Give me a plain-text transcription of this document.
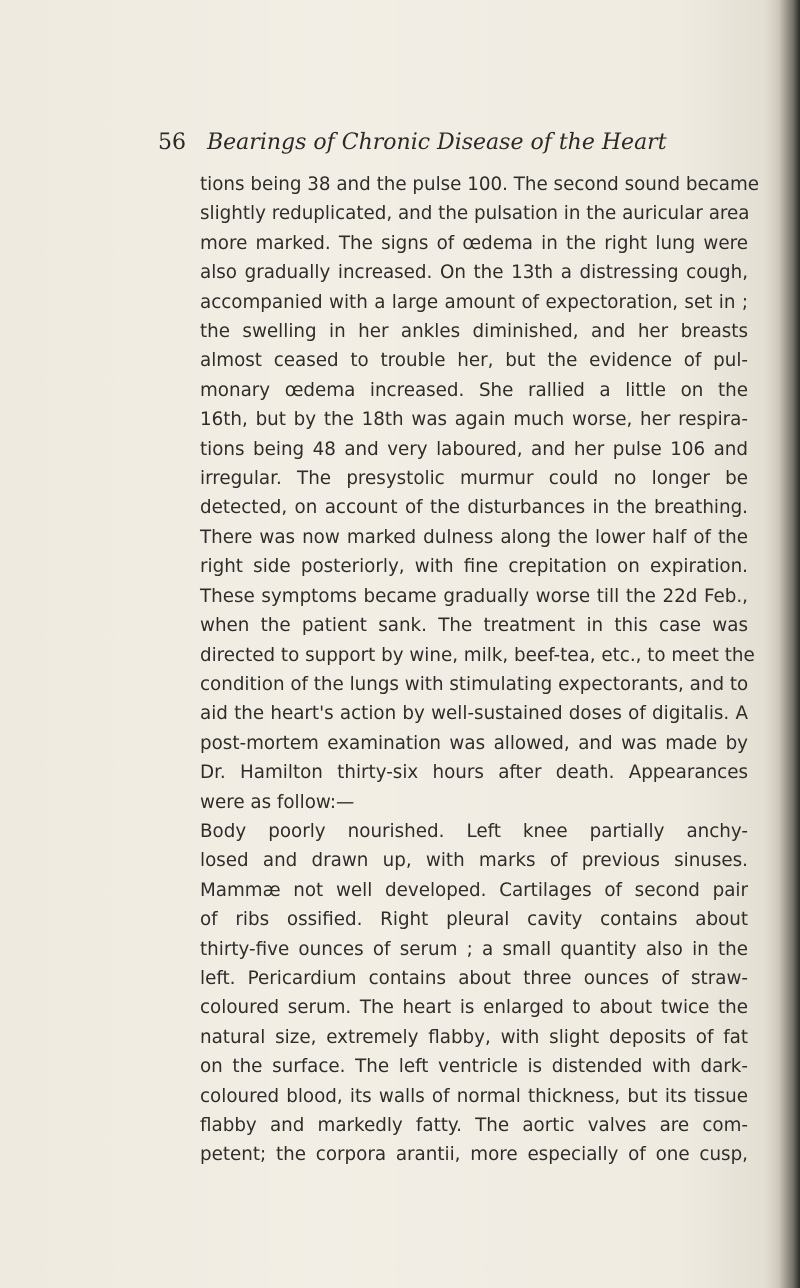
56 Bearings of Chronic Disease of the Heart
tions being 38 and the pulse 100. The second sound became
slightly reduplicated, and the pulsation in the auricular area
more marked. The signs of œdema in the right lung were
also gradually increased. On the 13th a distressing cough,
accompanied with a large amount of expectoration, set in ;
the swelling in her ankles diminished, and her breasts
almost ceased to trouble her, but the evidence of pul-
monary œdema increased. She rallied a little on the
16th, but by the 18th was again much worse, her respira-
tions being 48 and very laboured, and her pulse 106 and
irregular. The presystolic murmur could no longer be
detected, on account of the disturbances in the breathing.
There was now marked dulness along the lower half of the
right side posteriorly, with fine crepitation on expiration.
These symptoms became gradually worse till the 22d Feb.,
when the patient sank. The treatment in this case was
directed to support by wine, milk, beef-tea, etc., to meet the
condition of the lungs with stimulating expectorants, and to
aid the heart's action by well-sustained doses of digitalis. A
post-mortem examination was allowed, and was made by
Dr. Hamilton thirty-six hours after death. Appearances
were as follow:—
Body poorly nourished. Left knee partially anchy-
losed and drawn up, with marks of previous sinuses.
Mammæ not well developed. Cartilages of second pair
of ribs ossified. Right pleural cavity contains about
thirty-five ounces of serum ; a small quantity also in the
left. Pericardium contains about three ounces of straw-
coloured serum. The heart is enlarged to about twice the
natural size, extremely flabby, with slight deposits of fat
on the surface. The left ventricle is distended with dark-
coloured blood, its walls of normal thickness, but its tissue
flabby and markedly fatty. The aortic valves are com-
petent; the corpora arantii, more especially of one cusp,
